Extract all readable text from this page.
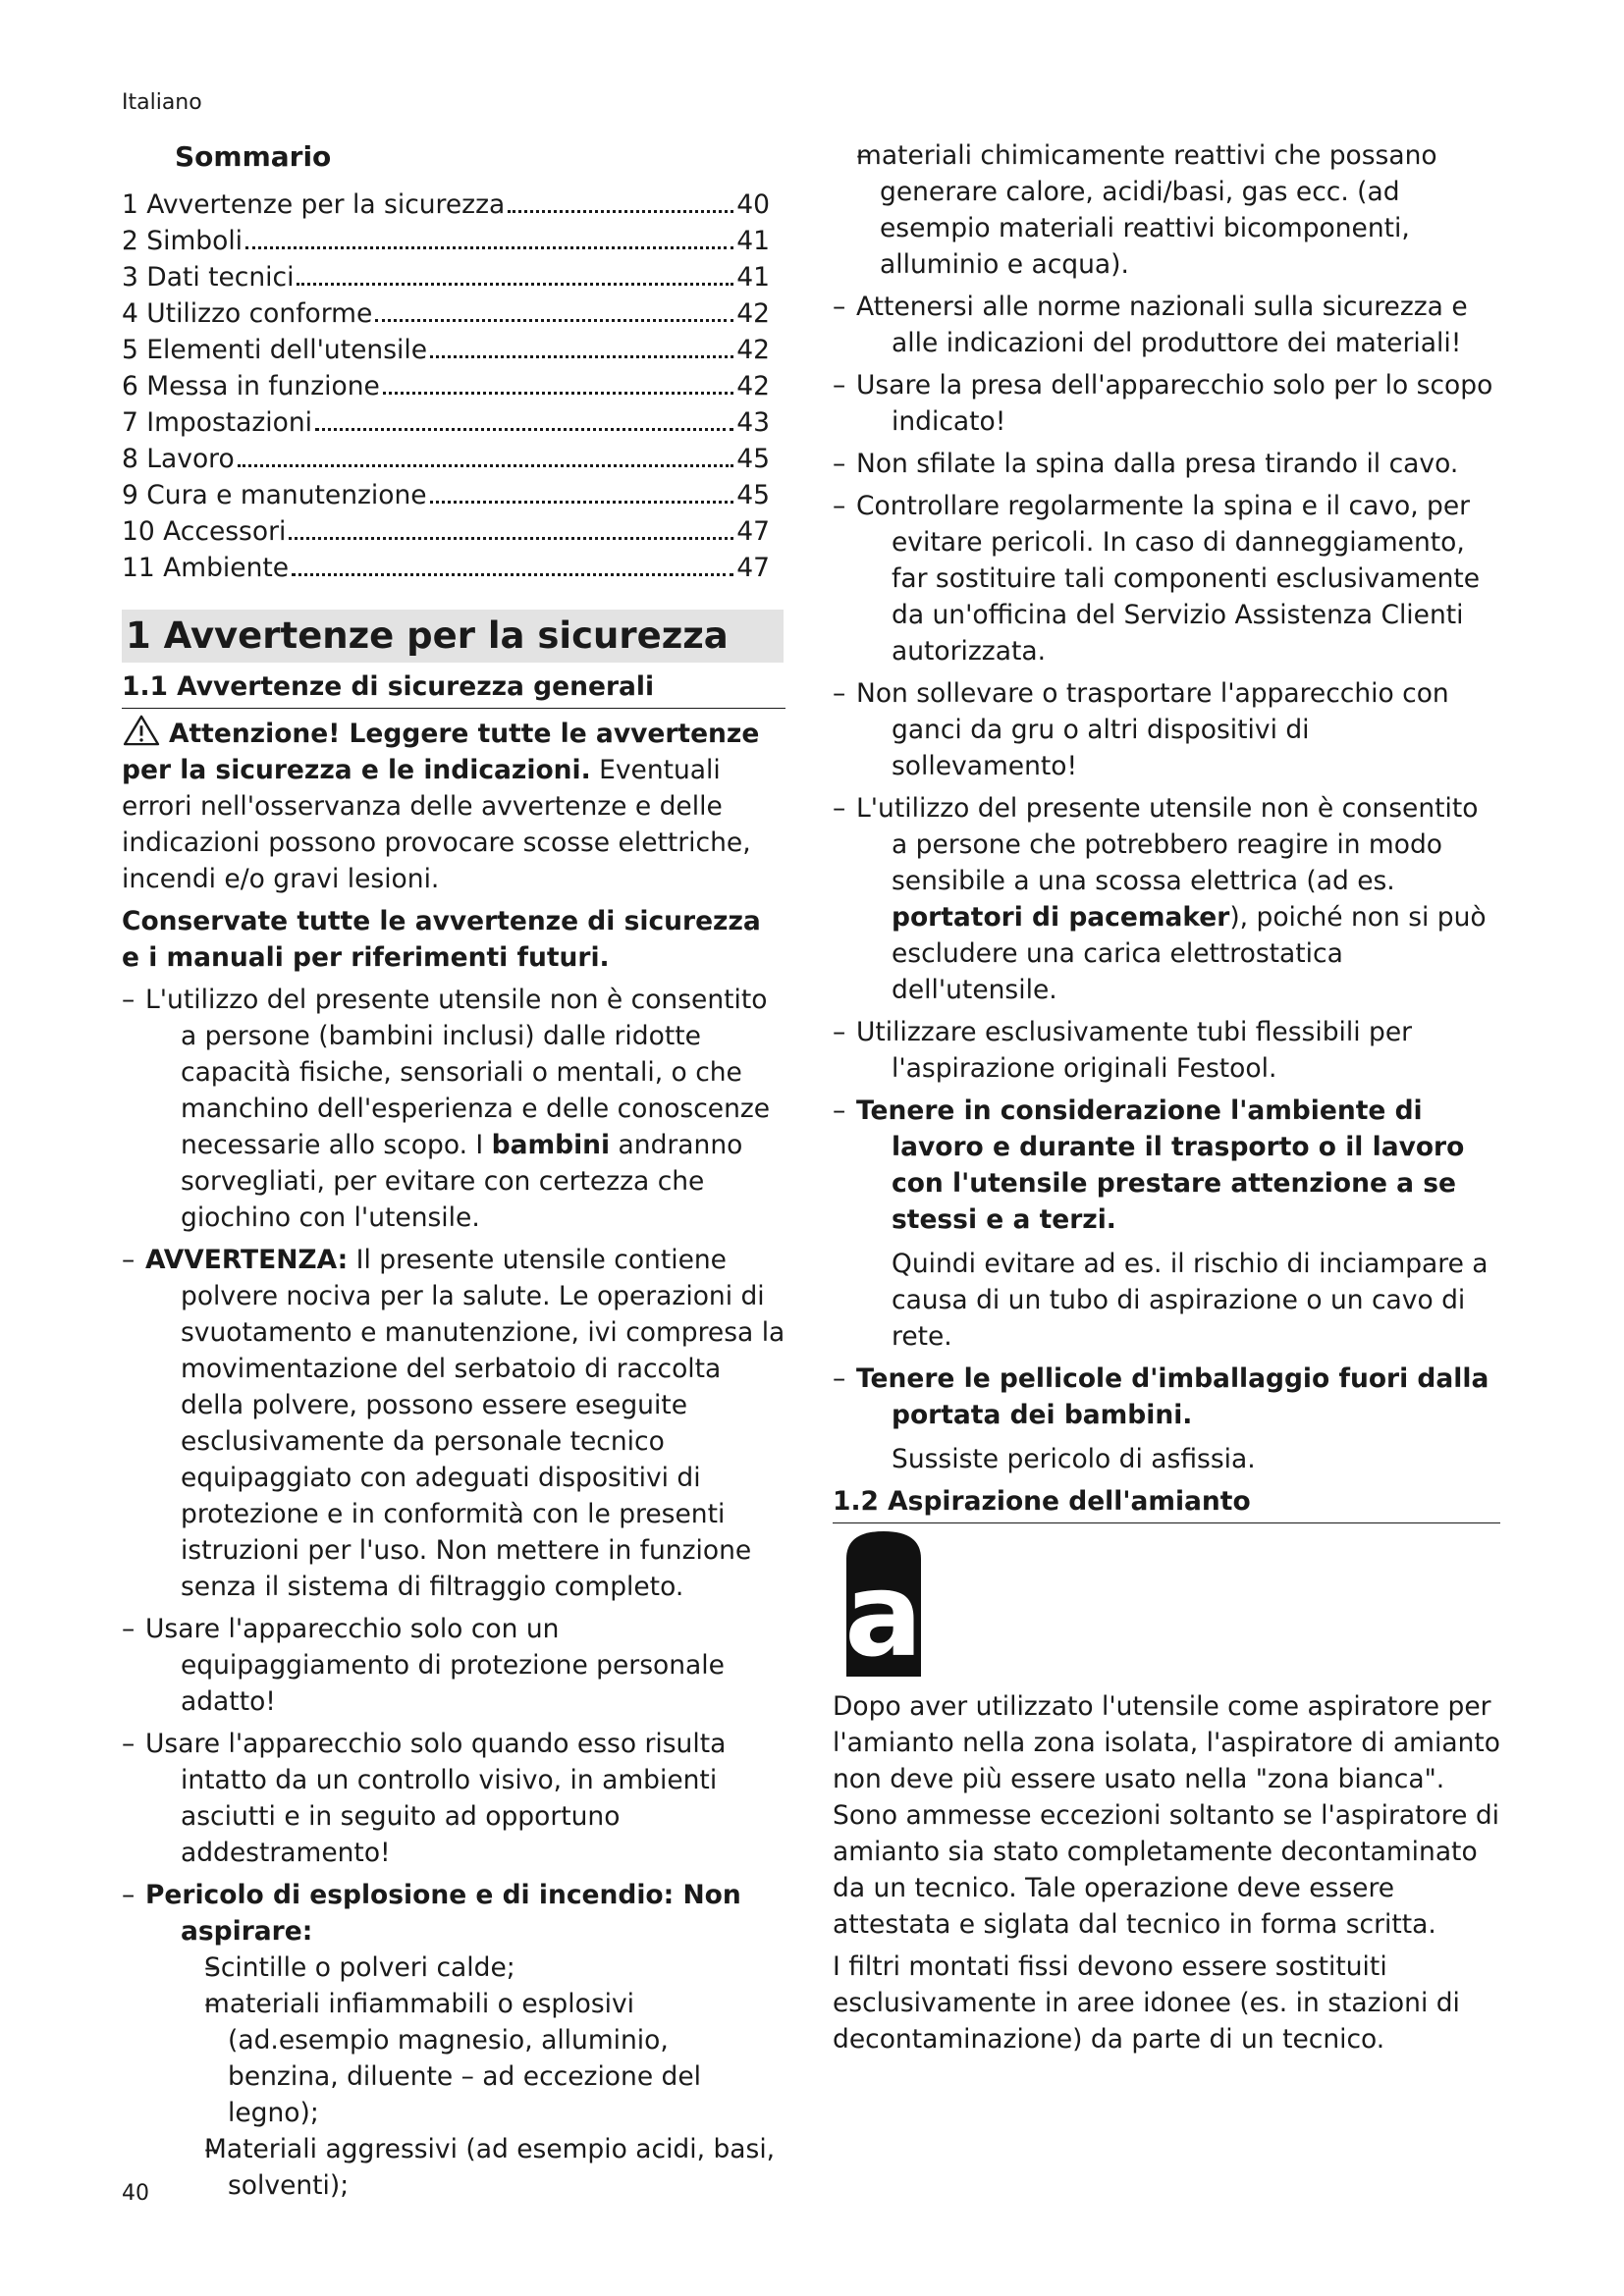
Italiano
Sommario
1 Avvertenze per la sicurezza	40
2 Simboli	41
3 Dati tecnici	41
4 Utilizzo conforme	42
5 Elementi dell'utensile	42
6 Messa in funzione	42
7 Impostazioni	43
8 Lavoro	45
9 Cura e manutenzione	45
10 Accessori	47
11 Ambiente	47
1 Avvertenze per la sicurezza
1.1 Avvertenze di sicurezza generali

Attenzione! Leggere tutte le avvertenze per la sicurezza e le indicazioni. Eventuali errori nell'osservanza delle avvertenze e delle indicazioni possono provocare scosse elettriche, incendi e/o gravi lesioni.

Conservate tutte le avvertenze di sicurezza e i manuali per riferimenti futuri.

– L'utilizzo del presente utensile non è consentito a persone (bambini inclusi) dalle ridotte capacità fisiche, sensoriali o mentali, o che manchino dell'esperienza e delle conoscenze necessarie allo scopo. I bambini andranno sorvegliati, per evitare con certezza che giochino con l'utensile.
– AVVERTENZA: Il presente utensile contiene polvere nociva per la salute. Le operazioni di svuotamento e manutenzione, ivi compresa la movimentazione del serbatoio di raccolta della polvere, possono essere eseguite esclusivamente da personale tecnico equipaggiato con adeguati dispositivi di protezione e in conformità con le presenti istruzioni per l'uso. Non mettere in funzione senza il sistema di filtraggio completo.
– Usare l'apparecchio solo con un equipaggiamento di protezione personale adatto!
– Usare l'apparecchio solo quando esso risulta intatto da un controllo visivo, in ambienti asciutti e in seguito ad opportuno addestramento!
– Pericolo di esplosione e di incendio: Non aspirare:
– Scintille o polveri calde;
– materiali infiammabili o esplosivi (ad.esempio magnesio, alluminio, benzina, diluente – ad eccezione del legno);
– Materiali aggressivi (ad esempio acidi, basi, solventi);
– materiali chimicamente reattivi che possano generare calore, acidi/basi, gas ecc. (ad esempio materiali reattivi bicomponenti, alluminio e acqua).
– Attenersi alle norme nazionali sulla sicurezza e alle indicazioni del produttore dei materiali!
– Usare la presa dell'apparecchio solo per lo scopo indicato!
– Non sfilate la spina dalla presa tirando il cavo.
– Controllare regolarmente la spina e il cavo, per evitare pericoli. In caso di danneggiamento, far sostituire tali componenti esclusivamente da un'officina del Servizio Assistenza Clienti autorizzata.
– Non sollevare o trasportare l'apparecchio con ganci da gru o altri dispositivi di sollevamento!
– L'utilizzo del presente utensile non è consentito a persone che potrebbero reagire in modo sensibile a una scossa elettrica (ad es. portatori di pacemaker), poiché non si può escludere una carica elettrostatica dell'utensile.
– Utilizzare esclusivamente tubi flessibili per l'aspirazione originali Festool.
– Tenere in considerazione l'ambiente di lavoro e durante il trasporto o il lavoro con l'utensile prestare attenzione a se stessi e a terzi.
Quindi evitare ad es. il rischio di inciampare a causa di un tubo di aspirazione o un cavo di rete.
– Tenere le pellicole d'imballaggio fuori dalla portata dei bambini.
Sussiste pericolo di asfissia.
1.2 Aspirazione dell'amianto
a

Dopo aver utilizzato l'utensile come aspiratore per l'amianto nella zona isolata, l'aspiratore di amianto non deve più essere usato nella "zona bianca". Sono ammesse eccezioni soltanto se l'aspiratore di amianto sia stato completamente decontaminato da un tecnico. Tale operazione deve essere attestata e siglata dal tecnico in forma scritta.

I filtri montati fissi devono essere sostituiti esclusivamente in aree idonee (es. in stazioni di decontaminazione) da parte di un tecnico.

40
